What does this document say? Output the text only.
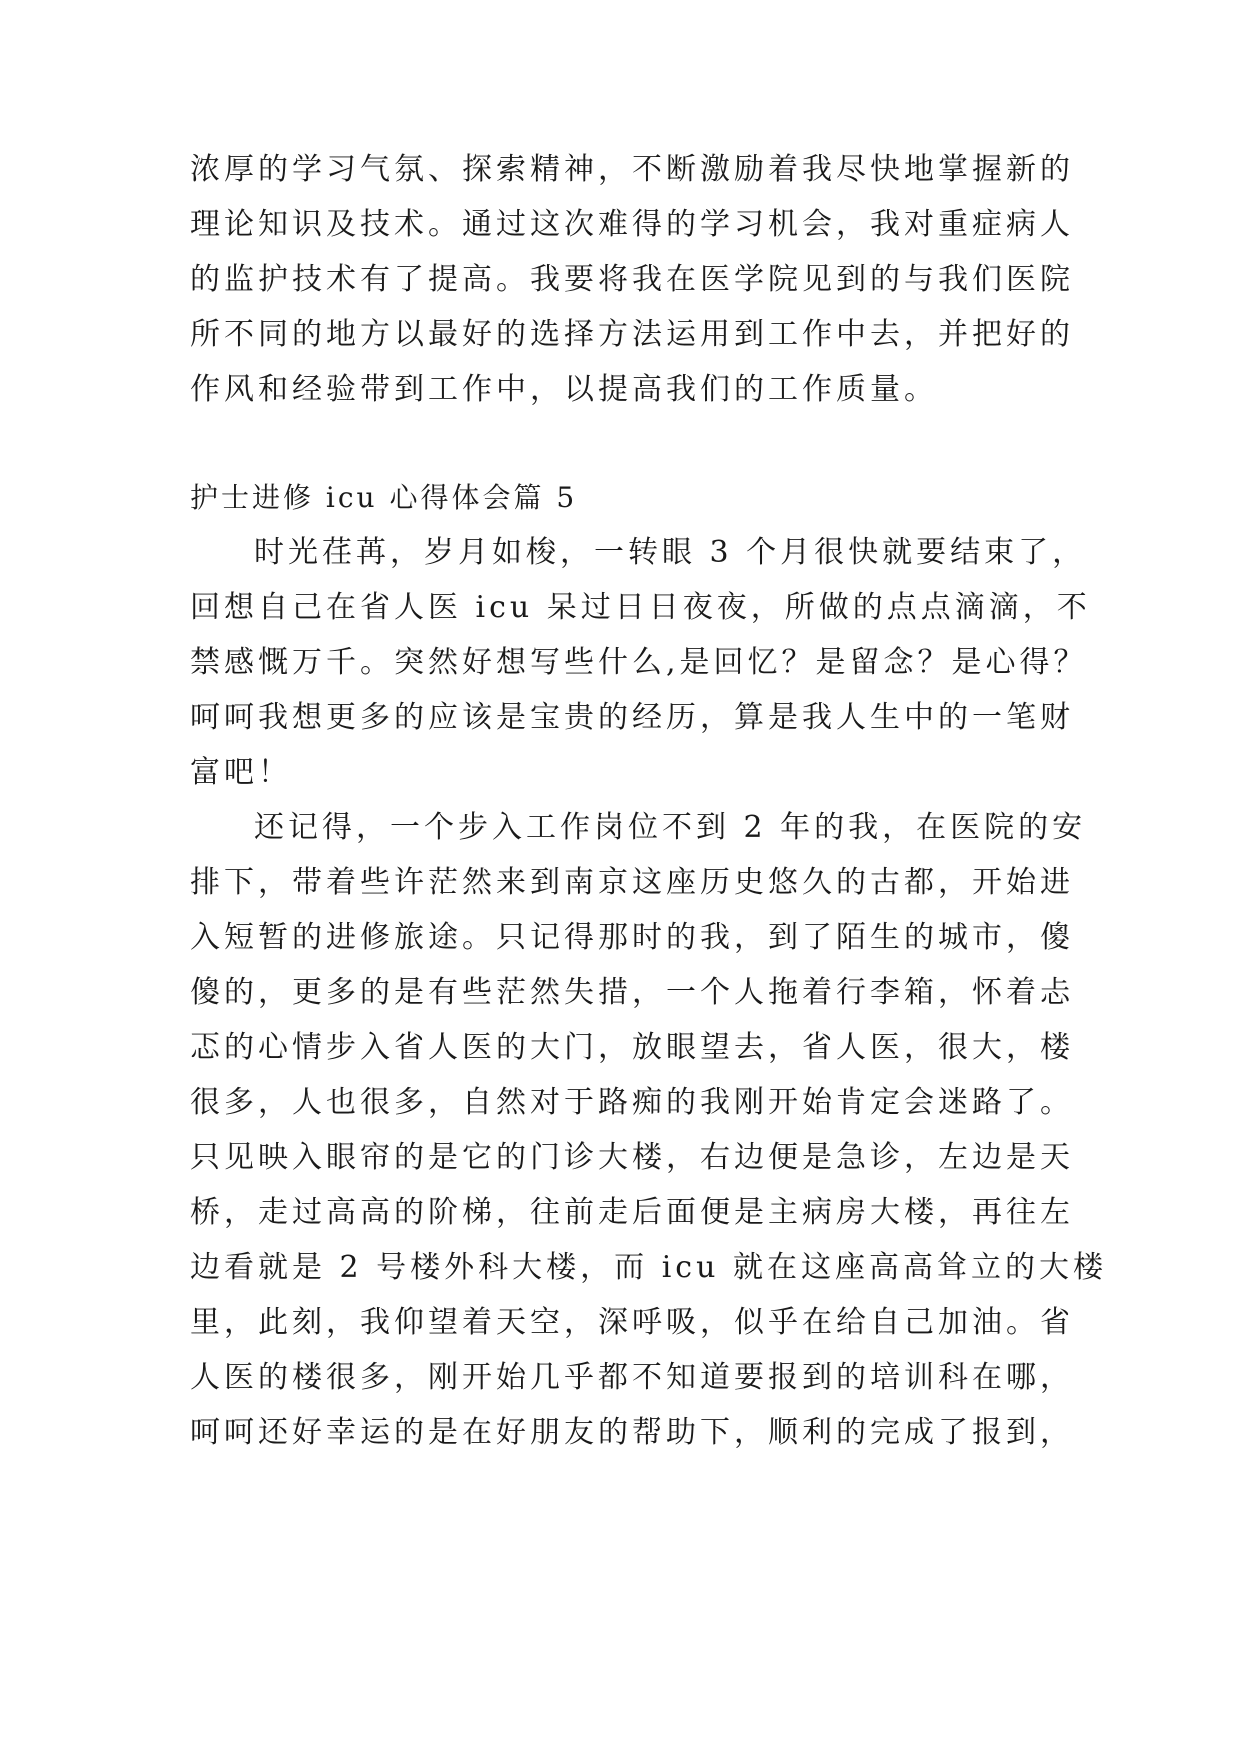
浓厚的学习气氛、探索精神，不断激励着我尽快地掌握新的
理论知识及技术。通过这次难得的学习机会，我对重症病人
的监护技术有了提高。我要将我在医学院见到的与我们医院
所不同的地方以最好的选择方法运用到工作中去，并把好的
作风和经验带到工作中，以提高我们的工作质量。
护士进修 icu 心得体会篇 5
时光荏苒，岁月如梭，一转眼 3 个月很快就要结束了，
回想自己在省人医 icu 呆过日日夜夜，所做的点点滴滴，不
禁感慨万千。突然好想写些什么,是回忆？是留念？是心得？
呵呵我想更多的应该是宝贵的经历，算是我人生中的一笔财
富吧！
还记得，一个步入工作岗位不到 2 年的我，在医院的安
排下，带着些许茫然来到南京这座历史悠久的古都，开始进
入短暂的进修旅途。只记得那时的我，到了陌生的城市，傻
傻的，更多的是有些茫然失措，一个人拖着行李箱，怀着忐
忑的心情步入省人医的大门，放眼望去，省人医，很大，楼
很多，人也很多，自然对于路痴的我刚开始肯定会迷路了。
只见映入眼帘的是它的门诊大楼，右边便是急诊，左边是天
桥，走过高高的阶梯，往前走后面便是主病房大楼，再往左
边看就是 2 号楼外科大楼，而 icu 就在这座高高耸立的大楼
里，此刻，我仰望着天空，深呼吸，似乎在给自己加油。省
人医的楼很多，刚开始几乎都不知道要报到的培训科在哪，
呵呵还好幸运的是在好朋友的帮助下，顺利的完成了报到，
